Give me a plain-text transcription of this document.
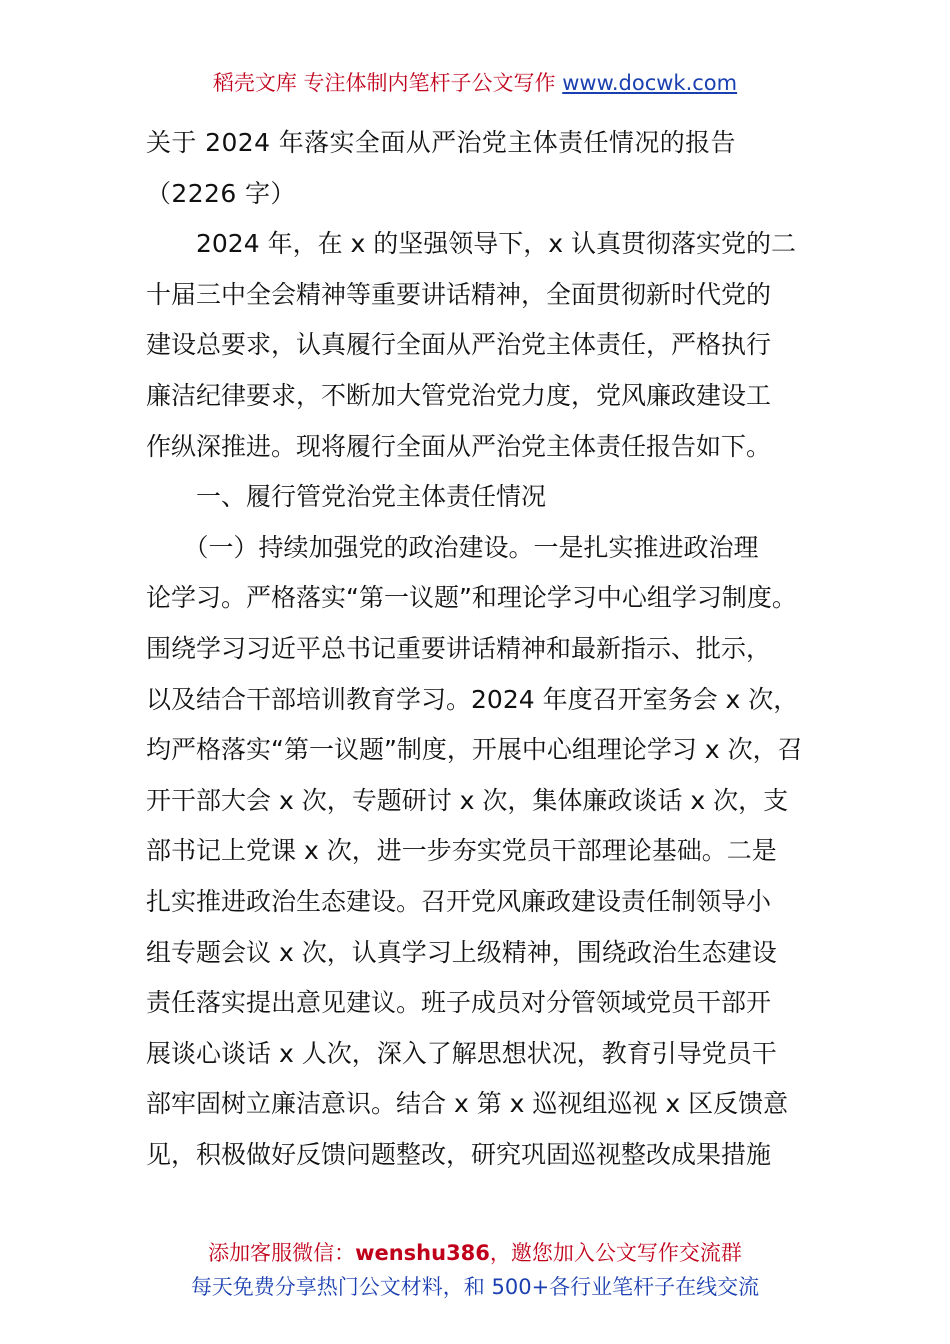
稻壳文库 专注体制内笔杆子公文写作 www.docwk.com
关于 2024 年落实全面从严治党主体责任情况的报告
（2226 字）
　　2024 年，在 x 的坚强领导下，x 认真贯彻落实党的二
十届三中全会精神等重要讲话精神，全面贯彻新时代党的
建设总要求，认真履行全面从严治党主体责任，严格执行
廉洁纪律要求，不断加大管党治党力度，党风廉政建设工
作纵深推进。现将履行全面从严治党主体责任报告如下。
　　一、履行管党治党主体责任情况
　　（一）持续加强党的政治建设。一是扎实推进政治理
论学习。严格落实“第一议题”和理论学习中心组学习制度。
围绕学习习近平总书记重要讲话精神和最新指示、批示，
以及结合干部培训教育学习。2024 年度召开室务会 x 次，
均严格落实“第一议题”制度，开展中心组理论学习 x 次，召
开干部大会 x 次，专题研讨 x 次，集体廉政谈话 x 次，支
部书记上党课 x 次，进一步夯实党员干部理论基础。二是
扎实推进政治生态建设。召开党风廉政建设责任制领导小
组专题会议 x 次，认真学习上级精神，围绕政治生态建设
责任落实提出意见建议。班子成员对分管领域党员干部开
展谈心谈话 x 人次，深入了解思想状况，教育引导党员干
部牢固树立廉洁意识。结合 x 第 x 巡视组巡视 x 区反馈意
见，积极做好反馈问题整改，研究巩固巡视整改成果措施
添加客服微信：wenshu386，邀您加入公文写作交流群
每天免费分享热门公文材料，和 500+各行业笔杆子在线交流
